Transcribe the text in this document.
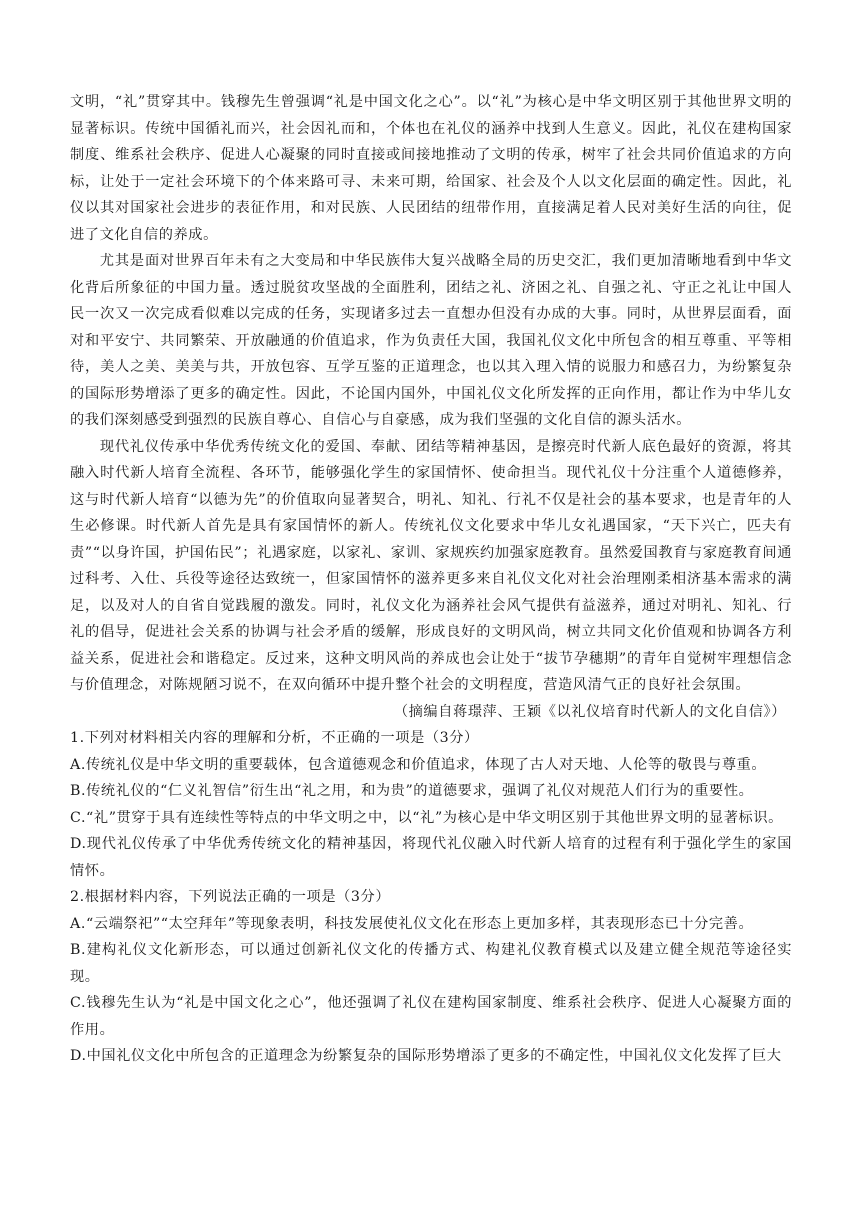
文明，“礼”贯穿其中。钱穆先生曾强调“礼是中国文化之心”。以“礼”为核心是中华文明区别于其他世界文明的显著标识。传统中国循礼而兴，社会因礼而和，个体也在礼仪的涵养中找到人生意义。因此，礼仪在建构国家制度、维系社会秩序、促进人心凝聚的同时直接或间接地推动了文明的传承，树牢了社会共同价值追求的方向标，让处于一定社会环境下的个体来路可寻、未来可期，给国家、社会及个人以文化层面的确定性。因此，礼仪以其对国家社会进步的表征作用，和对民族、人民团结的纽带作用，直接满足着人民对美好生活的向往，促进了文化自信的养成。

尤其是面对世界百年未有之大变局和中华民族伟大复兴战略全局的历史交汇，我们更加清晰地看到中华文化背后所象征的中国力量。透过脱贫攻坚战的全面胜利，团结之礼、济困之礼、自强之礼、守正之礼让中国人民一次又一次完成看似难以完成的任务，实现诸多过去一直想办但没有办成的大事。同时，从世界层面看，面对和平安宁、共同繁荣、开放融通的价值追求，作为负责任大国，我国礼仪文化中所包含的相互尊重、平等相待，美人之美、美美与共，开放包容、互学互鉴的正道理念，也以其入理入情的说服力和感召力，为纷繁复杂的国际形势增添了更多的确定性。因此，不论国内国外，中国礼仪文化所发挥的正向作用，都让作为中华儿女的我们深刻感受到强烈的民族自尊心、自信心与自豪感，成为我们坚强的文化自信的源头活水。

现代礼仪传承中华优秀传统文化的爱国、奉献、团结等精神基因，是擦亮时代新人底色最好的资源，将其融入时代新人培育全流程、各环节，能够强化学生的家国情怀、使命担当。现代礼仪十分注重个人道德修养，这与时代新人培育“以德为先”的价值取向显著契合，明礼、知礼、行礼不仅是社会的基本要求，也是青年的人生必修课。时代新人首先是具有家国情怀的新人。传统礼仪文化要求中华儿女礼遇国家，“天下兴亡，匹夫有责”“以身许国，护国佑民”；礼遇家庭，以家礼、家训、家规疾约加强家庭教育。虽然爱国教育与家庭教育间通过科考、入仕、兵役等途径达致统一，但家国情怀的滋养更多来自礼仪文化对社会治理刚柔相济基本需求的满足，以及对人的自省自觉践履的激发。同时，礼仪文化为涵养社会风气提供有益滋养，通过对明礼、知礼、行礼的倡导，促进社会关系的协调与社会矛盾的缓解，形成良好的文明风尚，树立共同文化价值观和协调各方利益关系，促进社会和谐稳定。反过来，这种文明风尚的养成也会让处于“拔节孕穗期”的青年自觉树牢理想信念与价值理念，对陈规陋习说不，在双向循环中提升整个社会的文明程度，营造风清气正的良好社会氛围。

（摘编自蒋璟萍、王颖《以礼仪培育时代新人的文化自信》）

1.下列对材料相关内容的理解和分析，不正确的一项是（3分）

A.传统礼仪是中华文明的重要载体，包含道德观念和价值追求，体现了古人对天地、人伦等的敬畏与尊重。

B.传统礼仪的“仁义礼智信”衍生出“礼之用，和为贵”的道德要求，强调了礼仪对规范人们行为的重要性。

C.“礼”贯穿于具有连续性等特点的中华文明之中，以“礼”为核心是中华文明区别于其他世界文明的显著标识。

D.现代礼仪传承了中华优秀传统文化的精神基因，将现代礼仪融入时代新人培育的过程有利于强化学生的家国情怀。

2.根据材料内容，下列说法正确的一项是（3分）

A.“云端祭祀”“太空拜年”等现象表明，科技发展使礼仪文化在形态上更加多样，其表现形态已十分完善。

B.建构礼仪文化新形态，可以通过创新礼仪文化的传播方式、构建礼仪教育模式以及建立健全规范等途径实现。

C.钱穆先生认为“礼是中国文化之心”，他还强调了礼仪在建构国家制度、维系社会秩序、促进人心凝聚方面的作用。

D.中国礼仪文化中所包含的正道理念为纷繁复杂的国际形势增添了更多的不确定性，中国礼仪文化发挥了巨大
